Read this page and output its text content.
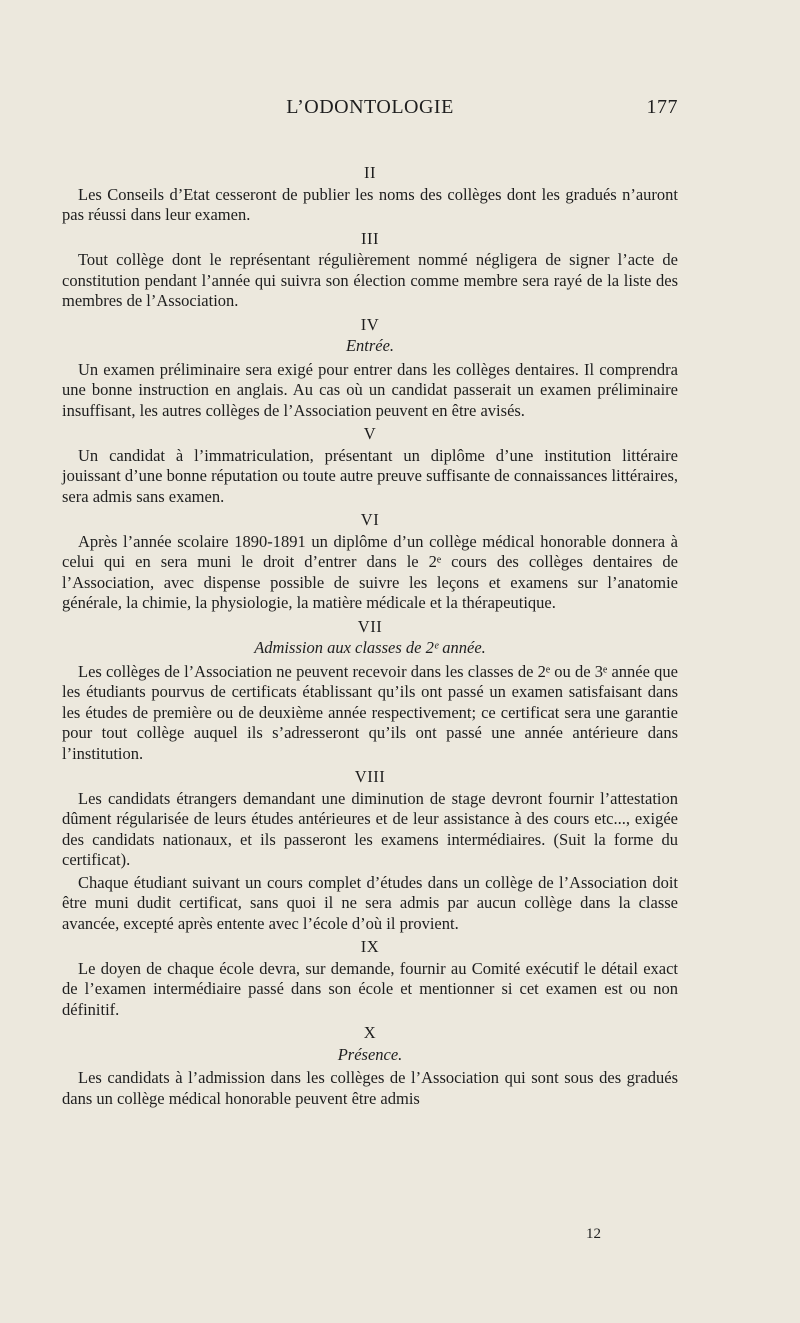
L’ODONTOLOGIE	177
II

Les Conseils d’Etat cesseront de publier les noms des collèges dont les gradués n’auront pas réussi dans leur examen.

III

Tout collège dont le représentant régulièrement nommé négligera de signer l’acte de constitution pendant l’année qui suivra son élection comme membre sera rayé de la liste des membres de l’Association.

IV
Entrée.

Un examen préliminaire sera exigé pour entrer dans les collèges dentaires. Il comprendra une bonne instruction en anglais. Au cas où un candidat passerait un examen préliminaire insuffisant, les autres collèges de l’Association peuvent en être avisés.

V

Un candidat à l’immatriculation, présentant un diplôme d’une institution littéraire jouissant d’une bonne réputation ou toute autre preuve suffisante de connaissances littéraires, sera admis sans examen.

VI

Après l’année scolaire 1890-1891 un diplôme d’un collège médical honorable donnera à celui qui en sera muni le droit d’entrer dans le 2ᵉ cours des collèges dentaires de l’Association, avec dispense possible de suivre les leçons et examens sur l’anatomie générale, la chimie, la physiologie, la matière médicale et la thérapeutique.

VII
Admission aux classes de 2ᵉ année.

Les collèges de l’Association ne peuvent recevoir dans les classes de 2ᵉ ou de 3ᵉ année que les étudiants pourvus de certificats établissant qu’ils ont passé un examen satisfaisant dans les études de première ou de deuxième année respectivement; ce certificat sera une garantie pour tout collège auquel ils s’adresseront qu’ils ont passé une année antérieure dans l’institution.

VIII

Les candidats étrangers demandant une diminution de stage devront fournir l’attestation dûment régularisée de leurs études antérieures et de leur assistance à des cours etc..., exigée des candidats nationaux, et ils passeront les examens intermédiaires. (Suit la forme du certificat).

Chaque étudiant suivant un cours complet d’études dans un collège de l’Association doit être muni dudit certificat, sans quoi il ne sera admis par aucun collège dans la classe avancée, excepté après entente avec l’école d’où il provient.

IX

Le doyen de chaque école devra, sur demande, fournir au Comité exécutif le détail exact de l’examen intermédiaire passé dans son école et mentionner si cet examen est ou non définitif.

X
Présence.

Les candidats à l’admission dans les collèges de l’Association qui sont sous des gradués dans un collège médical honorable peuvent être admis

12
